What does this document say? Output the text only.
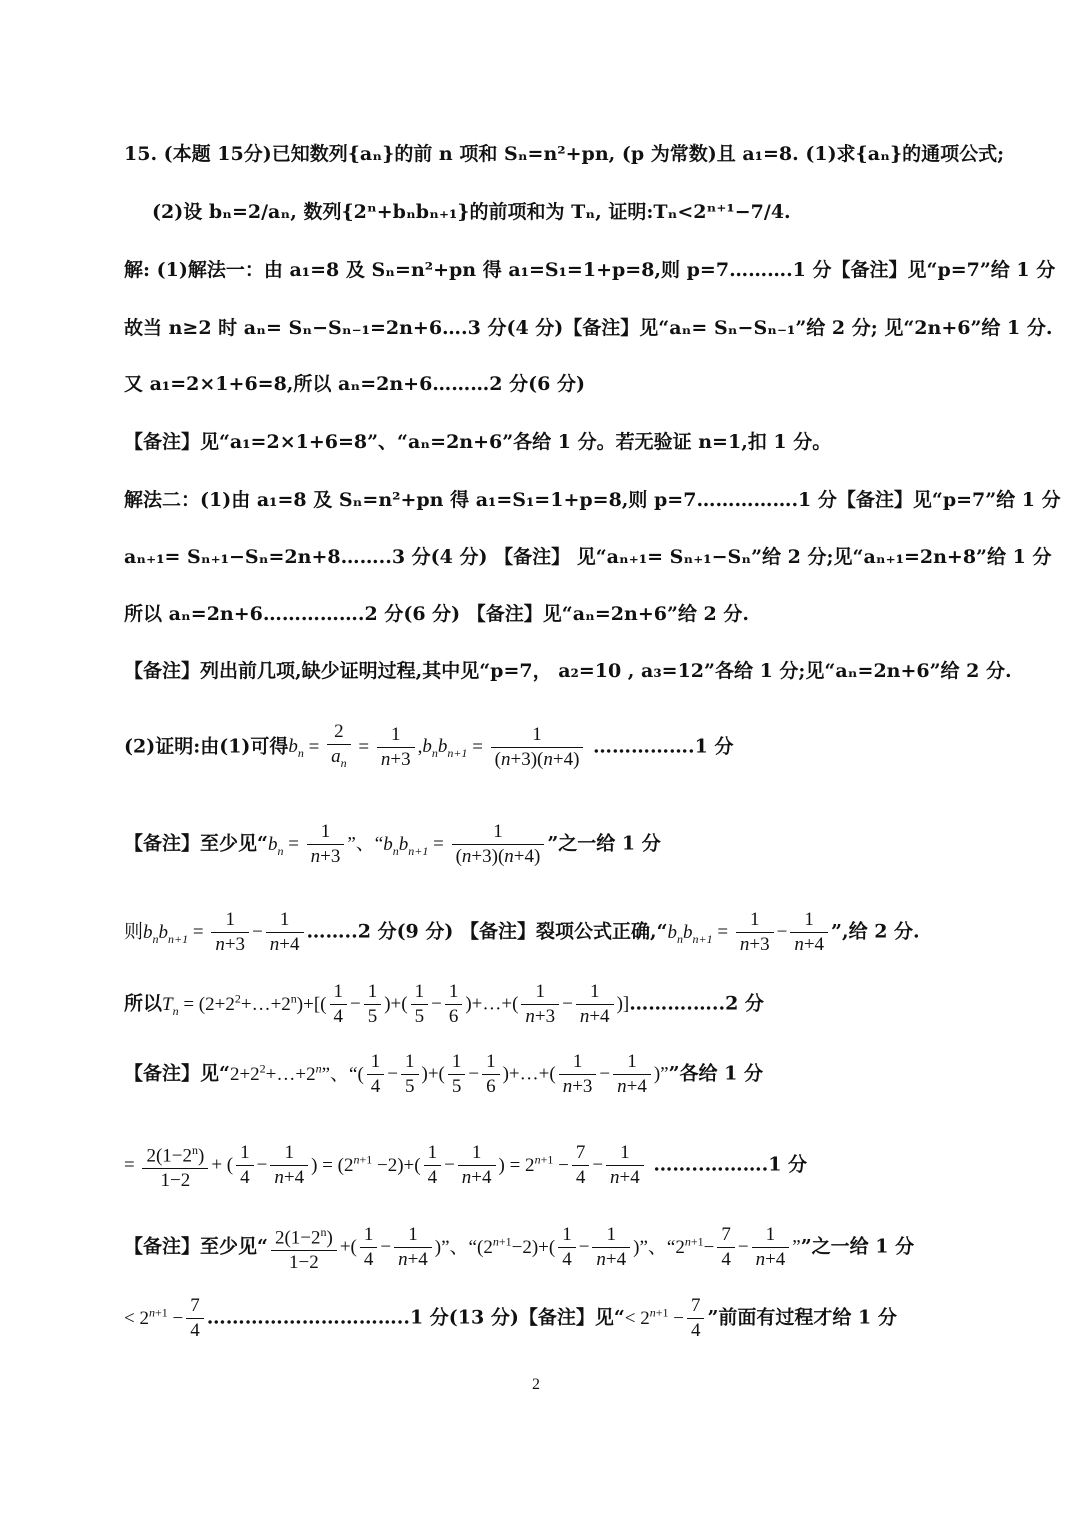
15. (本题 15分)已知数列{aₙ}的前 n 项和 Sₙ=n²+pn, (p 为常数)且 a₁=8. (1)求{aₙ}的通项公式;
(2)设 bₙ=2/aₙ, 数列{2ⁿ+bₙbₙ₊₁}的前项和为 Tₙ, 证明:Tₙ<2ⁿ⁺¹−7/4.
解: (1)解法一：由 a₁=8 及 Sₙ=n²+pn 得 a₁=S₁=1+p=8,则 p=7……….1 分【备注】见“p=7”给 1 分
故当 n≥2 时 aₙ= Sₙ−Sₙ₋₁=2n+6….3 分(4 分)【备注】见“aₙ= Sₙ−Sₙ₋₁”给 2 分; 见“2n+6”给 1 分.
又 a₁=2×1+6=8,所以 aₙ=2n+6………2 分(6 分)
【备注】见“a₁=2×1+6=8”、“aₙ=2n+6”各给 1 分。若无验证 n=1,扣 1 分。
解法二：(1)由 a₁=8 及 Sₙ=n²+pn 得 a₁=S₁=1+p=8,则 p=7…………….1 分【备注】见“p=7”给 1 分
aₙ₊₁= Sₙ₊₁−Sₙ=2n+8……..3 分(4 分) 【备注】 见“aₙ₊₁= Sₙ₊₁−Sₙ”给 2 分;见“aₙ₊₁=2n+8”给 1 分
所以 aₙ=2n+6…………….2 分(6 分) 【备注】见“aₙ=2n+6”给 2 分.
【备注】列出前几项,缺少证明过程,其中见“p=7， a₂=10 , a₃=12”各给 1 分;见“aₙ=2n+6”给 2 分.
(2)证明:由(1)可得$b_n = \frac{2}{a_n} = \frac{1}{n+3} ,b_nb_{n+1} = \frac{1}{(n+3)(n+4)}$ …………….1 分
【备注】至少见“$b_n = \frac{1}{n+3}$ ”、“$b_nb_{n+1} = \frac{1}{(n+3)(n+4)}$ ”之一给 1 分
则$b_nb_{n+1} = \frac{1}{n+3} - \frac{1}{n+4}$ ……..2 分(9 分) 【备注】裂项公式正确$,“b_nb_{n+1} = \frac{1}{n+3} - \frac{1}{n+4}$ ”,给 2 分.
所以$T_n$ = $(2+2^2+\dots+2^n)+[( \frac{1}{4} - \frac{1}{5}$ )+( $\frac{1}{5} - \frac{1}{6}$ )+…+( $\frac{1}{n+3} - \frac{1}{n+4}$ )]……….…..2 分
【备注】见“$2+2^2+\dots+2^n$”、“( $\frac{1}{4} - \frac{1}{5}$ )+( $\frac{1}{5} - \frac{1}{6}$ )+…+( $\frac{1}{n+3} - \frac{1}{n+4}$ )””各给 1 分
= $\frac{2(1-2^n)}{1-2}$ + ( $\frac{1}{4} - \frac{1}{n+4}$ ) = $(2^{n+1} -2)+( \frac{1}{4} - \frac{1}{n+4}$ ) = $2^{n+1} - \frac{7}{4} - \frac{1}{n+4}$ ……..……….1 分
【备注】至少见“ $\frac{2(1-2^n)}{1-2}$ +( $\frac{1}{4} - \frac{1}{n+4}$ )”、“$(2^{n+1}-2)+( \frac{1}{4} - \frac{1}{n+4}$ )”、“$2^{n+1}- \frac{7}{4} - \frac{1}{n+4}$ ””之一给 1 分
< $2^{n+1} - \frac{7}{4}$ …………………………..1 分(13 分)【备注】见“< $2^{n+1} - \frac{7}{4}$ ”前面有过程才给 1 分
2
